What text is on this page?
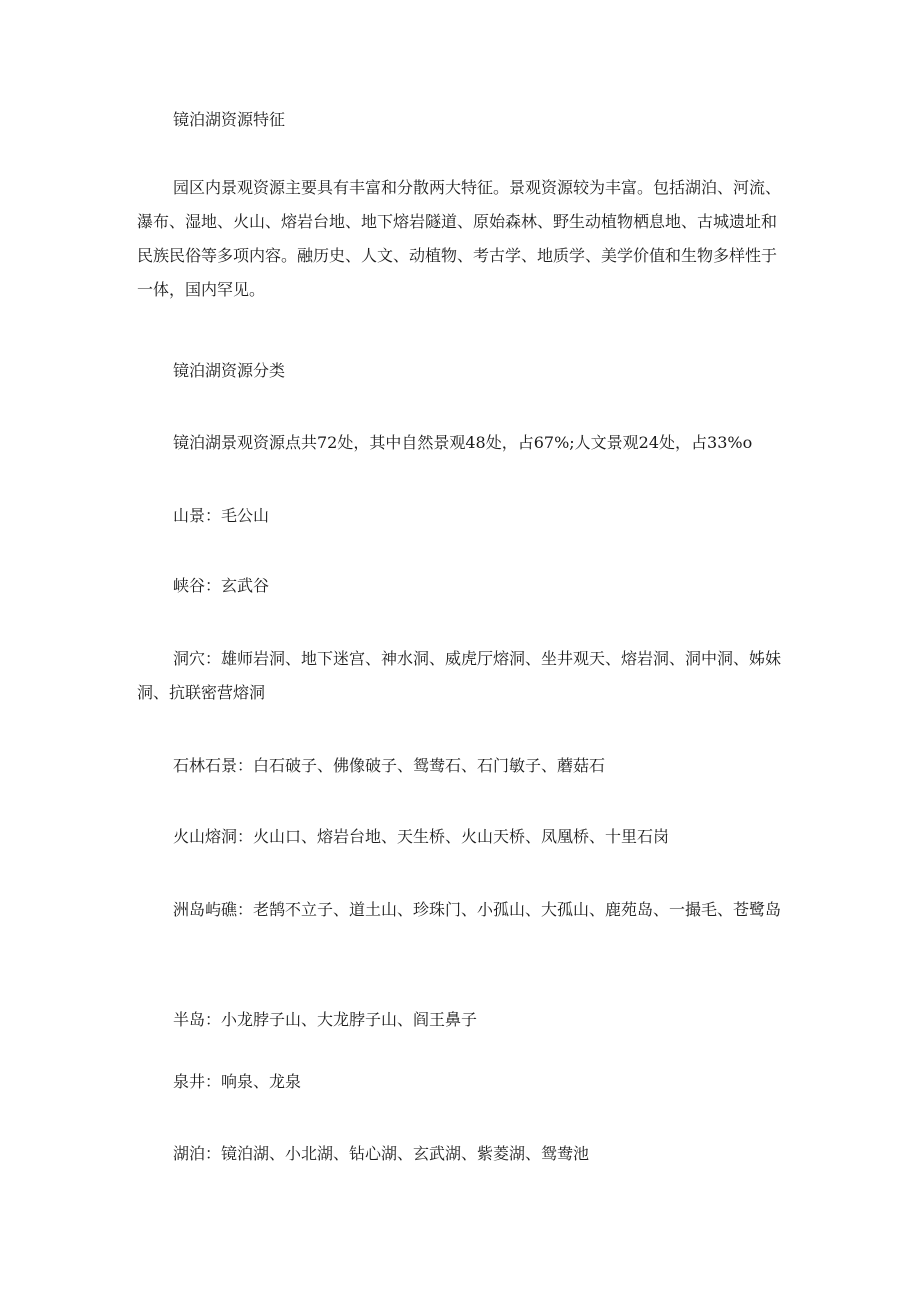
镜泊湖资源特征

园区内景观资源主要具有丰富和分散两大特征。景观资源较为丰富。包括湖泊、河流、瀑布、湿地、火山、熔岩台地、地下熔岩隧道、原始森林、野生动植物栖息地、古城遗址和民族民俗等多项内容。融历史、人文、动植物、考古学、地质学、美学价值和生物多样性于一体，国内罕见。

镜泊湖资源分类

镜泊湖景观资源点共72处，其中自然景观48处，占67%;人文景观24处，占33%o

山景：毛公山

峡谷：玄武谷

洞穴：雄师岩洞、地下迷宫、神水洞、威虎厅熔洞、坐井观天、熔岩洞、洞中洞、姊妹洞、抗联密营熔洞

石林石景：白石破子、佛像破子、鸳鸯石、石门敏子、蘑菇石

火山熔洞：火山口、熔岩台地、天生桥、火山天桥、凤凰桥、十里石岗

洲岛屿礁：老鹄不立子、道土山、珍珠门、小孤山、大孤山、鹿苑岛、一撮毛、苍鹭岛

半岛：小龙脖子山、大龙脖子山、阎王鼻子

泉井：响泉、龙泉

湖泊：镜泊湖、小北湖、钻心湖、玄武湖、紫菱湖、鸳鸯池
